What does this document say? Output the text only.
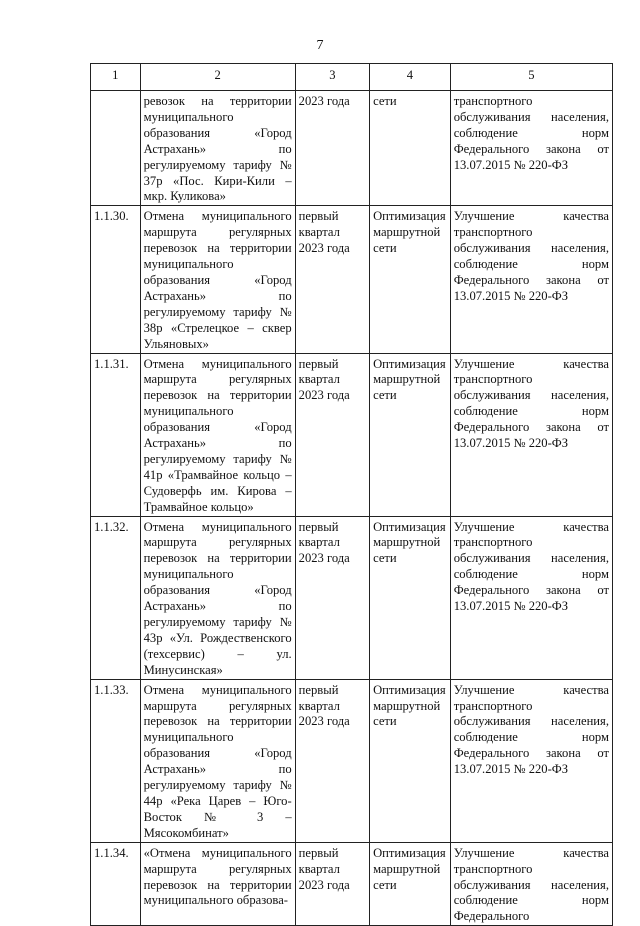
7
1	2	3	4	5
	ревозок на территории муниципального образования «Город Астрахань» по регулируемому тарифу № 37р «Пос. Кири-Кили – мкр. Куликова»	2023 года	сети	транспортного обслуживания населения, соблюдение норм Федерального закона от 13.07.2015 № 220-ФЗ
1.1.30.	Отмена муниципального маршрута регулярных перевозок на территории муниципального образования «Город Астрахань» по регулируемому тарифу № 38р «Стрелецкое – сквер Ульяновых»	первый квартал 2023 года	Оптимизация маршрутной сети	Улучшение качества транспортного обслуживания населения, соблюдение норм Федерального закона от 13.07.2015 № 220-ФЗ
1.1.31.	Отмена муниципального маршрута регулярных перевозок на территории муниципального образования «Город Астрахань» по регулируемому тарифу № 41р «Трамвайное кольцо – Судоверфь им. Кирова – Трамвайное кольцо»	первый квартал 2023 года	Оптимизация маршрутной сети	Улучшение качества транспортного обслуживания населения, соблюдение норм Федерального закона от 13.07.2015 № 220-ФЗ
1.1.32.	Отмена муниципального маршрута регулярных перевозок на территории муниципального образования «Город Астрахань» по регулируемому тарифу № 43р «Ул. Рождественского (техсервис) – ул. Минусинская»	первый квартал 2023 года	Оптимизация маршрутной сети	Улучшение качества транспортного обслуживания населения, соблюдение норм Федерального закона от 13.07.2015 № 220-ФЗ
1.1.33.	Отмена муниципального маршрута регулярных перевозок на территории муниципального образования «Город Астрахань» по регулируемому тарифу № 44р «Река Царев – Юго-Восток № 3 – Мясокомбинат»	первый квартал 2023 года	Оптимизация маршрутной сети	Улучшение качества транспортного обслуживания населения, соблюдение норм Федерального закона от 13.07.2015 № 220-ФЗ
1.1.34.	«Отмена муниципального маршрута регулярных перевозок на территории муниципального образова-	первый квартал 2023 года	Оптимизация маршрутной сети	Улучшение качества транспортного обслуживания населения, соблюдение норм Федерального
